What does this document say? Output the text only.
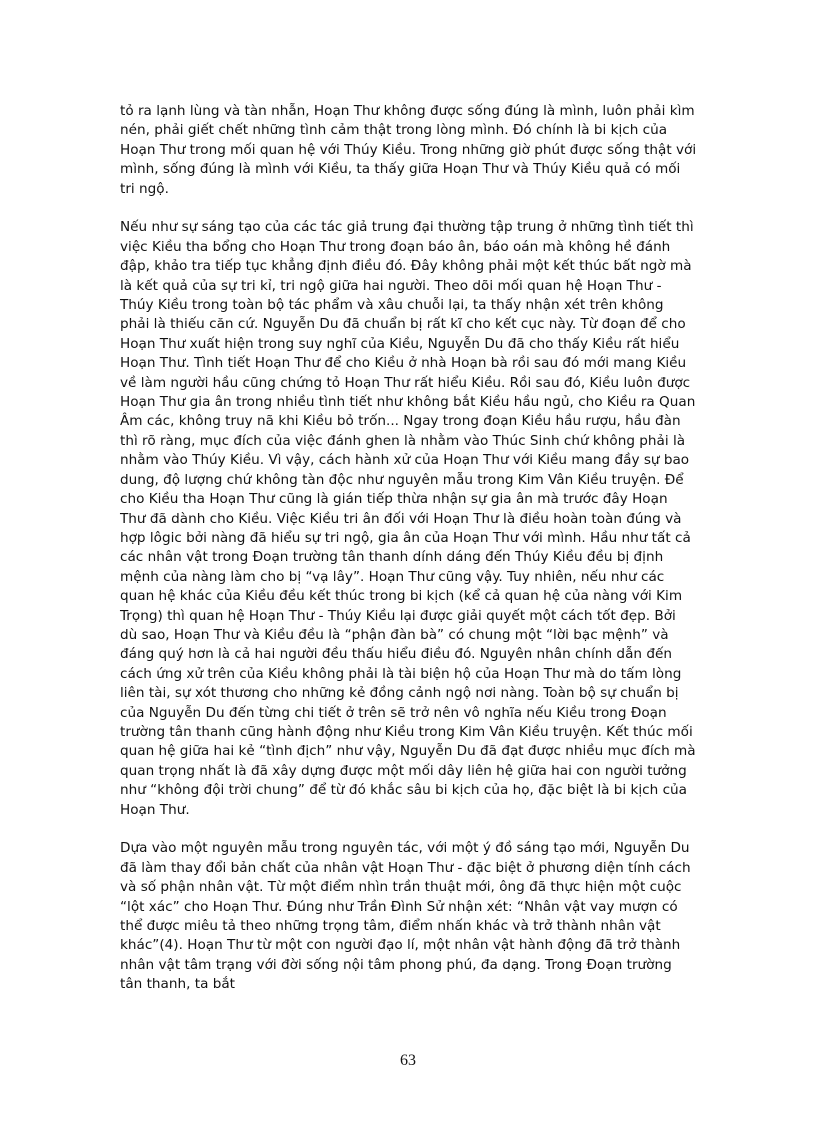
tỏ ra lạnh lùng và tàn nhẫn, Hoạn Thư không được sống đúng là mình, luôn phải kìm nén, phải giết chết những tình cảm thật trong lòng mình. Đó chính là bi kịch của Hoạn Thư trong mối quan hệ với Thúy Kiều. Trong những giờ phút được sống thật với mình, sống đúng là mình với Kiều, ta thấy giữa Hoạn Thư và Thúy Kiều quả có mối tri ngộ.

Nếu như sự sáng tạo của các tác giả trung đại thường tập trung ở những tình tiết thì việc Kiều tha bổng cho Hoạn Thư trong đoạn báo ân, báo oán mà không hề đánh đập, khảo tra tiếp tục khẳng định điều đó. Đây không phải một kết thúc bất ngờ mà là kết quả của sự tri kỉ, tri ngộ giữa hai người. Theo dõi mối quan hệ Hoạn Thư - Thúy Kiều trong toàn bộ tác phẩm và xâu chuỗi lại, ta thấy nhận xét trên không phải là thiếu căn cứ. Nguyễn Du đã chuẩn bị rất kĩ cho kết cục này. Từ đoạn để cho Hoạn Thư xuất hiện trong suy nghĩ của Kiều, Nguyễn Du đã cho thấy Kiều rất hiểu Hoạn Thư. Tình tiết Hoạn Thư để cho Kiều ở nhà Hoạn bà rồi sau đó mới mang Kiều về làm người hầu cũng chứng tỏ Hoạn Thư rất hiểu Kiều. Rồi sau đó, Kiều luôn được Hoạn Thư gia ân trong nhiều tình tiết như không bắt Kiều hầu ngủ, cho Kiều ra Quan Âm các, không truy nã khi Kiều bỏ trốn... Ngay trong đoạn Kiều hầu rượu, hầu đàn thì rõ ràng, mục đích của việc đánh ghen là nhằm vào Thúc Sinh chứ không phải là nhằm vào Thúy Kiều. Vì vậy, cách hành xử của Hoạn Thư với Kiều mang đầy sự bao dung, độ lượng chứ không tàn độc như nguyên mẫu trong Kim Vân Kiều truyện. Để cho Kiều tha Hoạn Thư cũng là gián tiếp thừa nhận sự gia ân mà trước đây Hoạn Thư đã dành cho Kiều. Việc Kiều tri ân đối với Hoạn Thư là điều hoàn toàn đúng và hợp lôgic bởi nàng đã hiểu sự tri ngộ, gia ân của Hoạn Thư với mình. Hầu như tất cả các nhân vật trong Đoạn trường tân thanh dính dáng đến Thúy Kiều đều bị định mệnh của nàng làm cho bị “vạ lây”. Hoạn Thư cũng vậy. Tuy nhiên, nếu như các quan hệ khác của Kiều đều kết thúc trong bi kịch (kể cả quan hệ của nàng với Kim Trọng) thì quan hệ Hoạn Thư - Thúy Kiều lại được giải quyết một cách tốt đẹp. Bởi dù sao, Hoạn Thư và Kiều đều là “phận đàn bà” có chung một “lời bạc mệnh” và đáng quý hơn là cả hai người đều thấu hiểu điều đó. Nguyên nhân chính dẫn đến cách ứng xử trên của Kiều không phải là tài biện hộ của Hoạn Thư mà do tấm lòng liên tài, sự xót thương cho những kẻ đồng cảnh ngộ nơi nàng. Toàn bộ sự chuẩn bị của Nguyễn Du đến từng chi tiết ở trên sẽ trở nên vô nghĩa nếu Kiều trong Đoạn trường tân thanh cũng hành động như Kiều trong Kim Vân Kiều truyện. Kết thúc mối quan hệ giữa hai kẻ “tình địch” như vậy, Nguyễn Du đã đạt được nhiều mục đích mà quan trọng nhất là đã xây dựng được một mối dây liên hệ giữa hai con người tưởng như “không đội trời chung” để từ đó khắc sâu bi kịch của họ, đặc biệt là bi kịch của Hoạn Thư.

Dựa vào một nguyên mẫu trong nguyên tác, với một ý đồ sáng tạo mới, Nguyễn Du đã làm thay đổi bản chất của nhân vật Hoạn Thư - đặc biệt ở phương diện tính cách và số phận nhân vật. Từ một điểm nhìn trần thuật mới, ông đã thực hiện một cuộc “lột xác” cho Hoạn Thư. Đúng như Trần Đình Sử nhận xét: “Nhân vật vay mượn có thể được miêu tả theo những trọng tâm, điểm nhấn khác và trở thành nhân vật khác”(4). Hoạn Thư từ một con người đạo lí, một nhân vật hành động đã trở thành nhân vật tâm trạng với đời sống nội tâm phong phú, đa dạng. Trong Đoạn trường tân thanh, ta bắt

63
